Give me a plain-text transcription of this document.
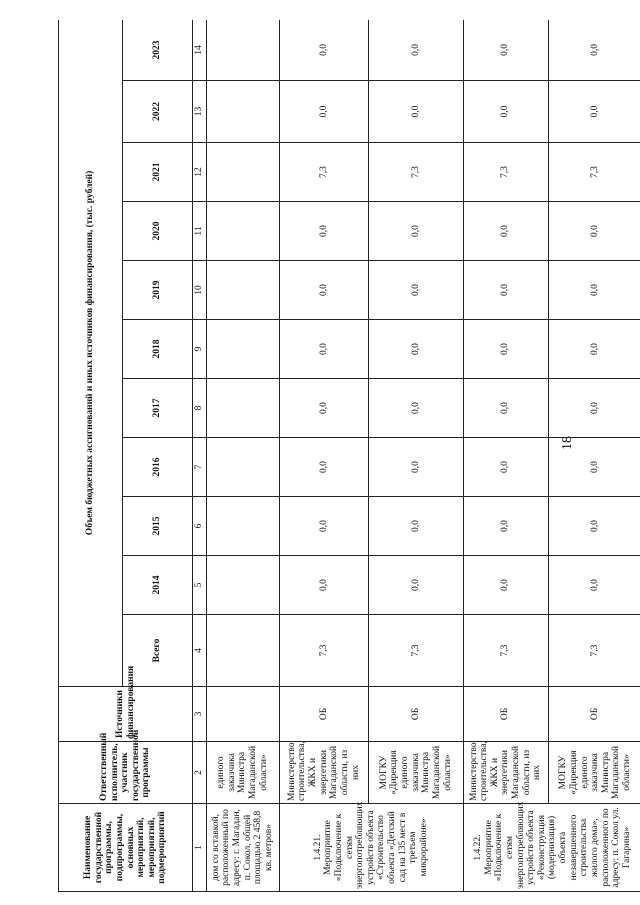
18
Наименование государственной программы, подпрограммы, основных мероприятий, мероприятий, подмероприятий	Ответственный исполнитель, участник государственной программы	Источники финансирования	Объем бюджетных ассигнований и иных источников финансирования, (тыс. рублей)										
			Всего	2014	2015	2016	2017	2018	2019	2020	2021	2022	2023
1	2	3	4	5	6	7	8	9	10	11	12	13	14
дом со вставкой, расположенный по адресу: г. Магадан, п. Сокол, общей площадью 2 458,8 кв. метров»	единого заказчика Министра Магаданской области»												
1.4.21. Мероприятие «Подключение к сетям энергопотребляющих устройств объекта «Строительство объекта «Детский сад на 135 мест в третьем микрорайоне»	Министерство строительства, ЖКХ и энергетики Магаданской области, из них	ОБ	7,3	0,0	0,0	0,0	0,0	0,0	0,0	0,0	7,3	0,0	0,0
	МОГКУ «Дирекция единого заказчика Министра Магаданской области»	ОБ	7,3	0,0	0,0	0,0	0,0	0,0	0,0	0,0	7,3	0,0	0,0
1.4.22. Мероприятие «Подключение к сетям энергопотребляющих устройств объекта «Реконструкция (модернизация) объекта незавершенного строительства жилого дома», расположенного по адресу: п. Сокол ул. Гагарина»	Министерство строительства, ЖКХ и энергетики Магаданской области, из них	ОБ	7,3	0,0	0,0	0,0	0,0	0,0	0,0	0,0	7,3	0,0	0,0
	МОГКУ «Дирекция единого заказчика Министра Магаданской области»	ОБ	7,3	0,0	0,0	0,0	0,0	0,0	0,0	0,0	7,3	0,0	0,0
